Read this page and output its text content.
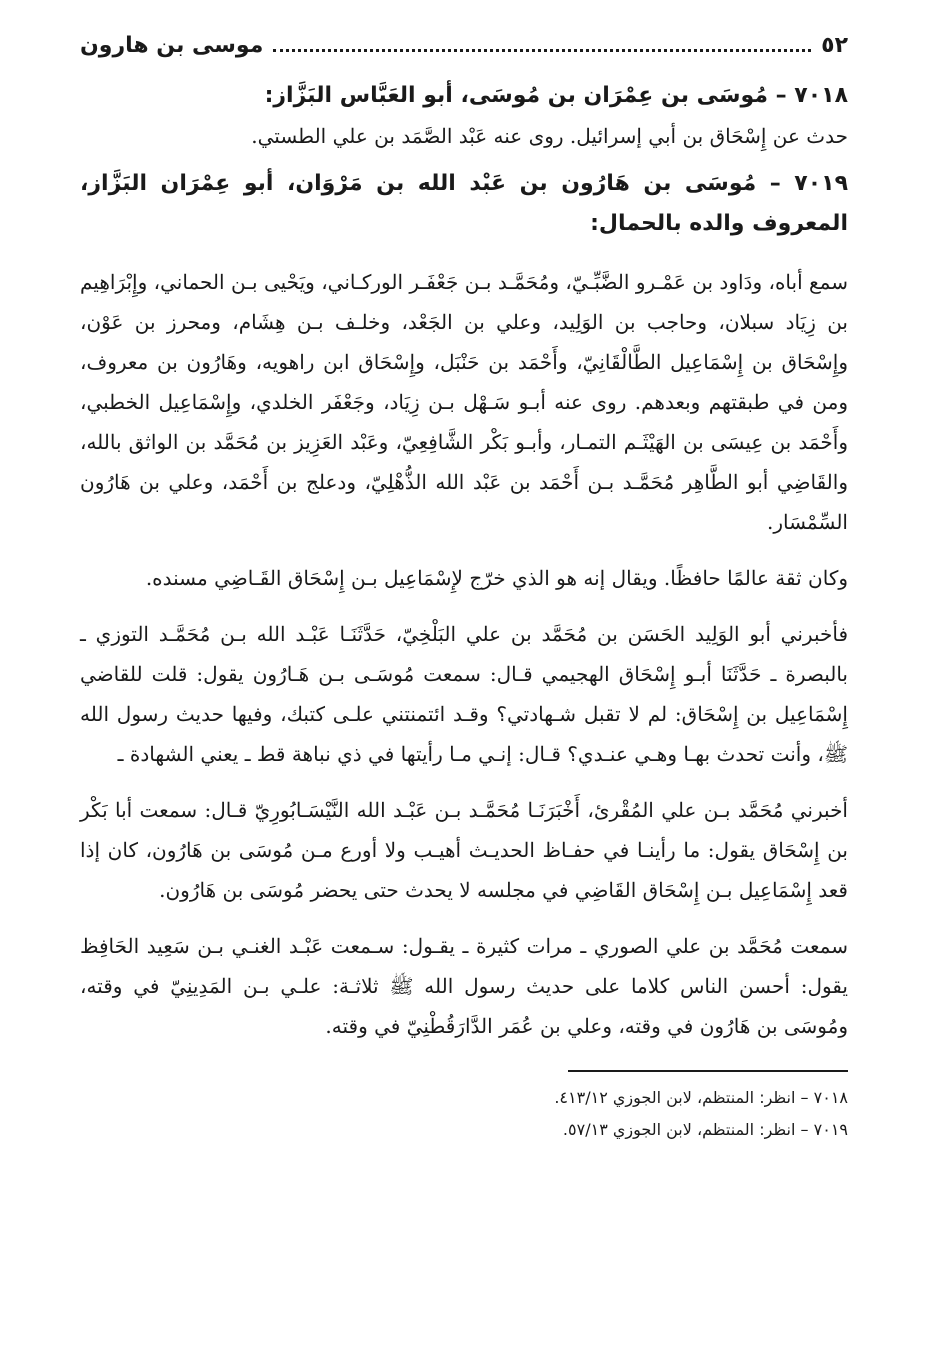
٥٢
موسى بن هارون
٧٠١٨ – مُوسَى بن عِمْرَان بن مُوسَى، أبو العَبَّاس البَزَّاز:
حدث عن إِسْحَاق بن أبي إسرائيل. روى عنه عَبْد الصَّمَد بن علي الطستي.
٧٠١٩ – مُوسَى بن هَارُون بن عَبْد الله بن مَرْوَان، أبو عِمْرَان البَزَّاز، المعروف والده بالحمال:

سمع أباه، ودَاود بن عَمْـرو الضَّبِّـيّ، ومُحَمَّـد بـن جَعْفَـر الوركـاني، ويَحْيى بـن الحماني، وإِبْرَاهِيم بن زِيَاد سبلان، وحاجب بن الوَلِيد، وعلي بن الجَعْد، وخلـف بـن هِشَام، ومحرز بن عَوْن، وإِسْحَاق بن إِسْمَاعِيل الطَّالْقَانِيّ، وأَحْمَد بن حَنْبَل، وإِسْحَاق ابن راهويه، وهَارُون بن معروف، ومن في طبقتهم وبعدهم. روى عنه أبـو سَـهْل بـن زِيَاد، وجَعْفَر الخلدي، وإِسْمَاعِيل الخطبي، وأَحْمَد بن عِيسَى بن الهَيْثَـم التمـار، وأبـو بَكْر الشَّافِعِيّ، وعَبْد العَزِيز بن مُحَمَّد بن الواثق بالله، والقَاضِي أبو الطَّاهِر مُحَمَّـد بـن أَحْمَد بن عَبْد الله الذُّهْلِيّ، ودعلج بن أَحْمَد، وعلي بن هَارُون السِّمْسَار.

وكان ثقة عالمًا حافظًا. ويقال إنه هو الذي خرّج لإِسْمَاعِيل بـن إِسْحَاق القَـاضِي مسنده.

فأخبرني أبو الوَلِيد الحَسَن بن مُحَمَّد بن علي البَلْخِيّ، حَدَّثَنَـا عَبْـد الله بـن مُحَمَّـد التوزي ـ بالبصرة ـ حَدَّثَنَا أبـو إِسْحَاق الهجيمي قـال: سمعت مُوسَـى بـن هَـارُون يقول: قلت للقاضي إِسْمَاعِيل بن إِسْحَاق: لم لا تقبل شـهادتي؟ وقـد ائتمنتني علـى كتبك، وفيها حديث رسول الله ﷺ، وأنت تحدث بهـا وهـي عنـدي؟ قـال: إنـي مـا رأيتها في ذي نباهة قط ـ يعني الشهادة ـ

أخبرني مُحَمَّد بـن علي المُقْرئ، أَخْبَرَنَـا مُحَمَّـد بـن عَبْـد الله النَّيْسَـابُورِيّ قـال: سمعت أبا بَكْر بن إِسْحَاق يقول: ما رأينـا في حفـاظ الحديـث أهيـب ولا أورع مـن مُوسَى بن هَارُون، كان إذا قعد إِسْمَاعِيل بـن إِسْحَاق القَاضِي في مجلسه لا يحدث حتى يحضر مُوسَى بن هَارُون.

سمعت مُحَمَّد بن علي الصوري ـ مرات كثيرة ـ يقـول: سـمعت عَبْـد الغنـي بـن سَعِيد الحَافِظ يقول: أحسن الناس كلاما على حديث رسول الله ﷺ ثلاثـة: علـي بـن المَدِينِيّ في وقته، ومُوسَى بن هَارُون في وقته، وعلي بن عُمَر الدَّارَقُطْنِيّ في وقته.

٧٠١٨ – انظر: المنتظم، لابن الجوزي ٤١٣/١٢.
٧٠١٩ – انظر: المنتظم، لابن الجوزي ٥٧/١٣.
